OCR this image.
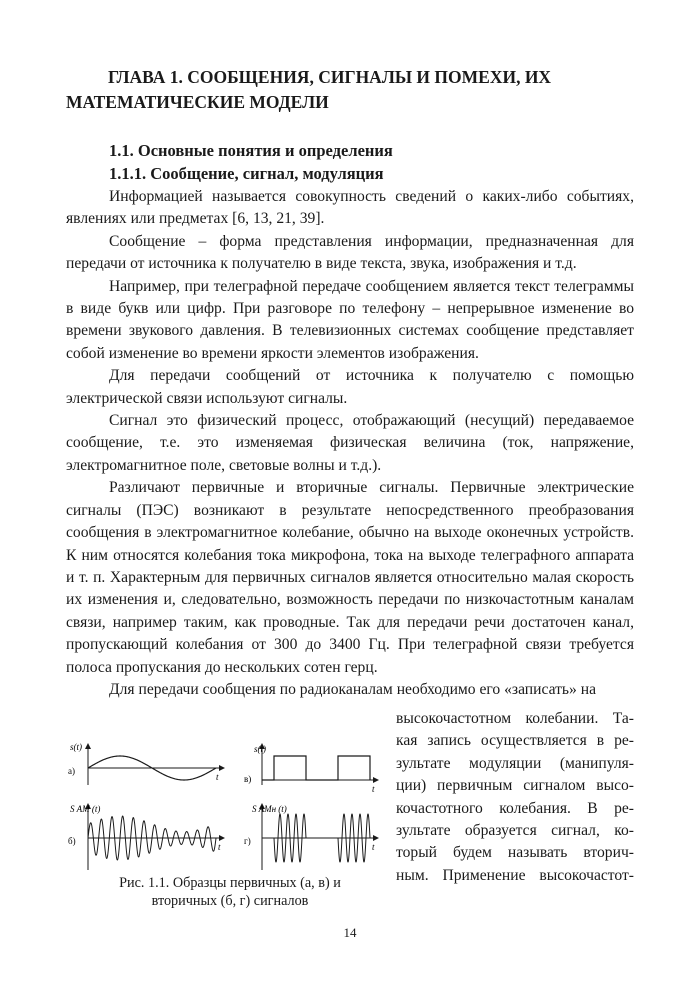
ГЛАВА 1. СООБЩЕНИЯ, СИГНАЛЫ И ПОМЕХИ, ИХ
МАТЕМАТИЧЕСКИЕ МОДЕЛИ
1.1. Основные понятия и определения
1.1.1. Сообщение, сигнал, модуляция

Информацией называется совокупность сведений о каких-либо событиях, явлениях или предметах [6, 13, 21, 39].

Сообщение – форма представления информации, предназначенная для передачи от источника к получателю в виде текста, звука, изображения и т.д.

Например, при телеграфной передаче сообщением является текст телеграммы в виде букв или цифр. При разговоре по телефону – непрерывное изменение во времени звукового давления. В телевизионных системах сообщение представляет собой изменение во времени яркости элементов изображения.

Для передачи сообщений от источника к получателю с помощью электрической связи используют сигналы.

Сигнал это физический процесс, отображающий (несущий) передаваемое сообщение, т.е. это изменяемая физическая величина (ток, напряжение, электромагнитное поле, световые волны и т.д.).

Различают первичные и вторичные сигналы. Первичные электрические сигналы (ПЭС) возникают в результате непосредственного преобразования сообщения в электромагнитное колебание, обычно на выходе оконечных устройств. К ним относятся колебания тока микрофона, тока на выходе телеграфного аппарата и т. п. Характерным для первичных сигналов является относительно малая скорость их изменения и, следовательно, возможность передачи по низкочастотным каналам связи, например таким, как проводные. Так для передачи речи достаточен канал, пропускающий колебания от 300 до 3400 Гц. При телеграфной связи требуется полоса пропускания до нескольких сотен герц.

Для передачи сообщения по радиоканалам необходимо его «записать» на

s(t)
а)
t
S AM (t)
б)
t
s(t)
в)
t
S AMн (t)
г)
t
Рис. 1.1. Образцы первичных (а, в) и
вторичных (б, г) сигналов
высокочастотном колебании. Та-
кая запись осуществляется в ре-
зультате модуляции (манипуля-
ции) первичным сигналом высо-
кочастотного колебания. В ре-
зультате образуется сигнал, ко-
торый будем называть вторич-
ным. Применение высокочастот-
14
